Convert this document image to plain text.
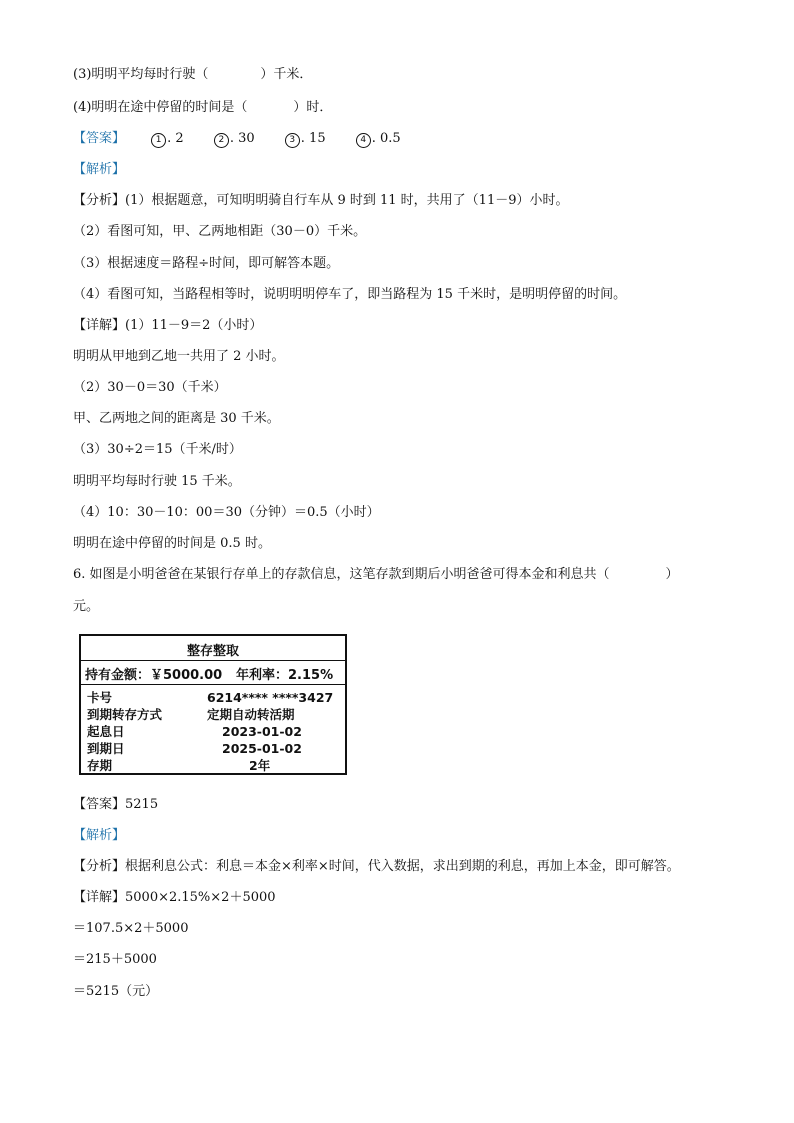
(3)明明平均每时行驶（	）千米．
(4)明明在途中停留的时间是（	）时．
【答案】	1 . 2	2 . 30	3 . 15	4 . 0.5
【解析】
【分析】(1）根据题意，可知明明骑自行车从 9 时到 11 时，共用了（11－9）小时。
（2）看图可知，甲、乙两地相距（30－0）千米。
（3）根据速度＝路程÷时间，即可解答本题。
（4）看图可知，当路程相等时，说明明明停车了，即当路程为 15 千米时，是明明停留的时间。
【详解】(1）11－9＝2（小时）
明明从甲地到乙地一共用了 2 小时。
（2）30－0＝30（千米）
甲、乙两地之间的距离是 30 千米。
（3）30÷2＝15（千米/时）
明明平均每时行驶 15 千米。
（4）10：30－10：00＝30（分钟）＝0.5（小时）
明明在途中停留的时间是 0.5 时。
6. 如图是小明爸爸在某银行存单上的存款信息，这笔存款到期后小明爸爸可得本金和利息共（	）
元。
整存整取
持有金额：￥5000.00 年利率：2.15%
卡号	6214**** ****3427
到期转存方式	定期自动转活期
起息日	2023-01-02
到期日	2025-01-02
存期	2年
【答案】5215
【解析】
【分析】根据利息公式：利息＝本金×利率×时间，代入数据，求出到期的利息，再加上本金，即可解答。
【详解】5000×2.15%×2＋5000
＝107.5×2＋5000
＝215＋5000
＝5215（元）
